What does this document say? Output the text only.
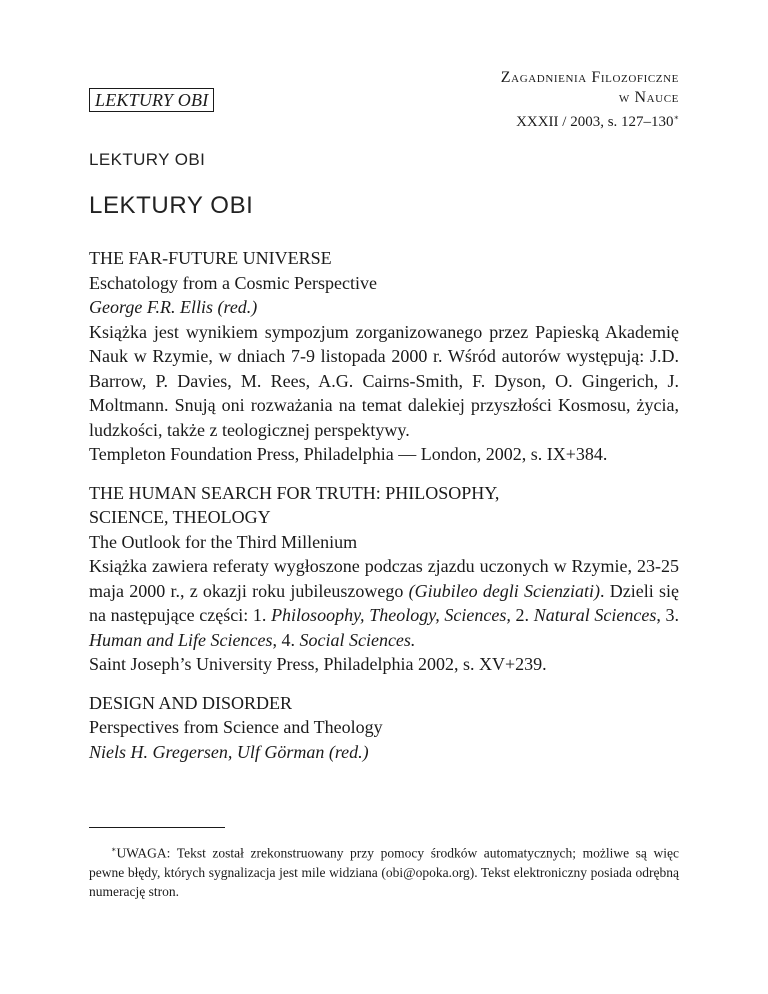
LEKTURY OBI
Zagadnienia Filozoficzne
w Nauce
XXXII / 2003, s. 127–130∗
LEKTURY OBI
LEKTURY OBI

THE FAR-FUTURE UNIVERSE

Eschatology from a Cosmic Perspective

George F.R. Ellis (red.)

Książka jest wynikiem sympozjum zorganizowanego przez Papieską Akademię Nauk w Rzymie, w dniach 7-9 listopada 2000 r. Wśród autorów występują: J.D. Barrow, P. Davies, M. Rees, A.G. Cairns-Smith, F. Dyson, O. Gingerich, J. Moltmann. Snują oni rozważania na temat dalekiej przyszłości Kosmosu, życia, ludzkości, także z teologicznej perspektywy.

Templeton Foundation Press, Philadelphia — London, 2002, s. IX+384.

THE HUMAN SEARCH FOR TRUTH: PHILOSOPHY,

SCIENCE, THEOLOGY

The Outlook for the Third Millenium

Książka zawiera referaty wygłoszone podczas zjazdu uczonych w Rzymie, 23-25 maja 2000 r., z okazji roku jubileuszowego (Giubileo degli Scienziati). Dzieli się na następujące części: 1. Philosoophy, Theology, Sciences, 2. Natural Sciences, 3. Human and Life Sciences, 4. Social Sciences.

Saint Joseph’s University Press, Philadelphia 2002, s. XV+239.

DESIGN AND DISORDER

Perspectives from Science and Theology

Niels H. Gregersen, Ulf Görman (red.)

∗UWAGA: Tekst został zrekonstruowany przy pomocy środków automatycznych; możliwe są więc pewne błędy, których sygnalizacja jest mile widziana (obi@opoka.org). Tekst elektroniczny posiada odrębną numerację stron.
